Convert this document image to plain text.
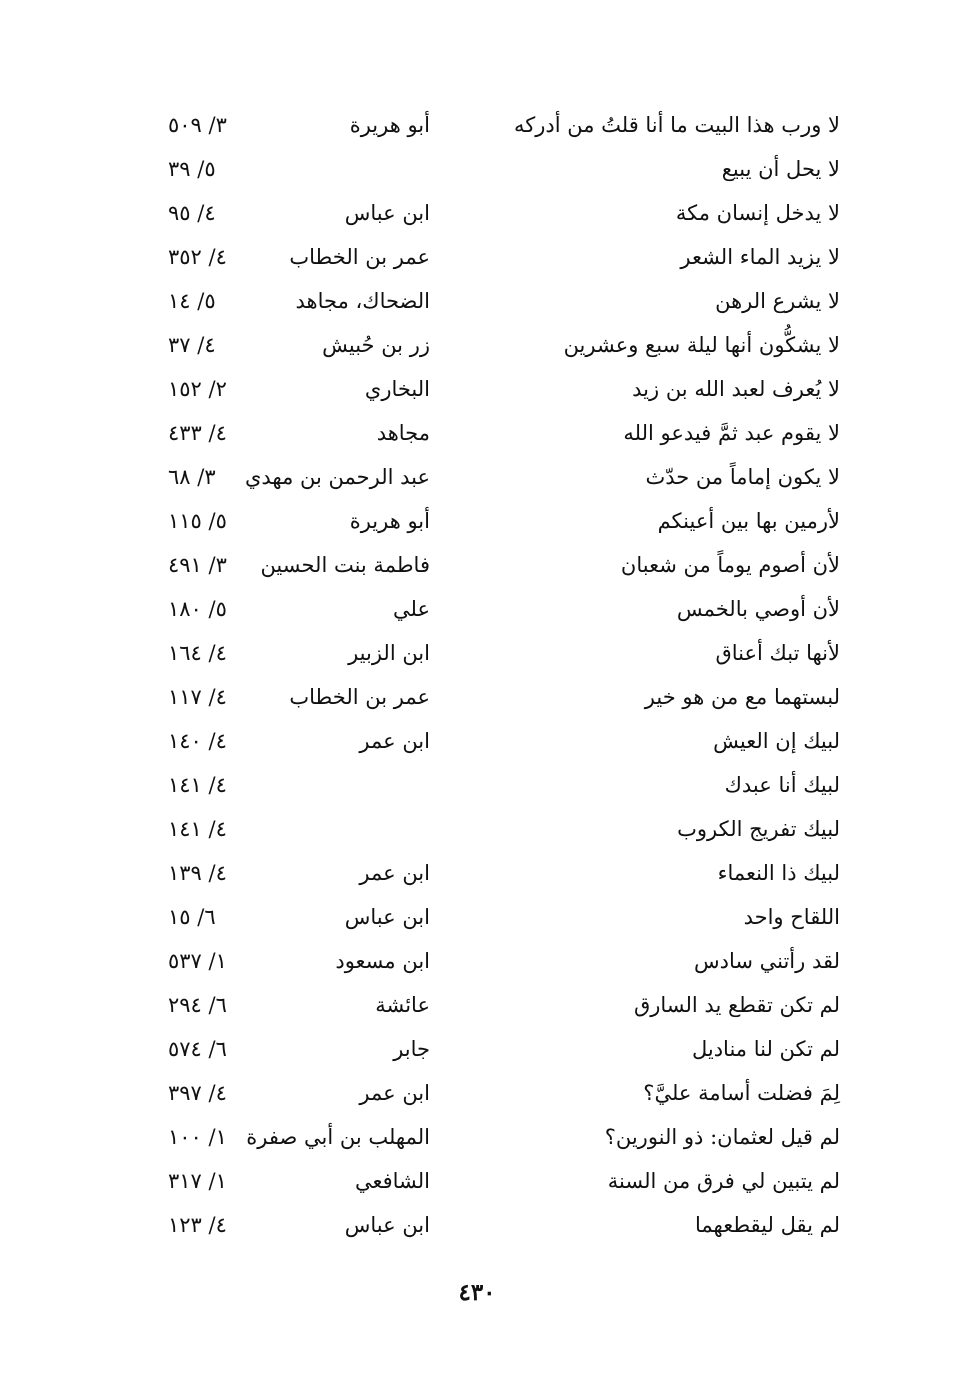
لا ورب هذا البيت ما أنا قلتُ من أدركه
أبو هريرة
٣/ ٥٠٩
لا يحل أن يبيع
٥/ ٣٩
لا يدخل إنسان مكة
ابن عباس
٤/ ٩٥
لا يزيد الماء الشعر
عمر بن الخطاب
٤/ ٣٥٢
لا يشرع الرهن
الضحاك، مجاهد
٥/ ١٤
لا يشكُّون أنها ليلة سبع وعشرين
زر بن حُبيش
٤/ ٣٧
لا يُعرف لعبد الله بن زيد
البخاري
٢/ ١٥٢
لا يقوم عبد ثمَّ فيدعو الله
مجاهد
٤/ ٤٣٣
لا يكون إماماً من حدّث
عبد الرحمن بن مهدي
٣/ ٦٨
لأرمين بها بين أعينكم
أبو هريرة
٥/ ١١٥
لأن أصوم يوماً من شعبان
فاطمة بنت الحسين
٣/ ٤٩١
لأن أوصي بالخمس
علي
٥/ ١٨٠
لأنها تبك أعناق
ابن الزبير
٤/ ١٦٤
لبستهما مع من هو خير
عمر بن الخطاب
٤/ ١١٧
لبيك إن العيش
ابن عمر
٤/ ١٤٠
لبيك أنا عبدك
٤/ ١٤١
لبيك تفريج الكروب
٤/ ١٤١
لبيك ذا النعماء
ابن عمر
٤/ ١٣٩
اللقاح واحد
ابن عباس
٦/ ١٥
لقد رأتني سادس
ابن مسعود
١/ ٥٣٧
لم تكن تقطع يد السارق
عائشة
٦/ ٢٩٤
لم تكن لنا مناديل
جابر
٦/ ٥٧٤
لِمَ فضلت أسامة عليَّ؟
ابن عمر
٤/ ٣٩٧
لم قيل لعثمان: ذو النورين؟
المهلب بن أبي صفرة
١/ ١٠٠
لم يتبين لي فرق من السنة
الشافعي
١/ ٣١٧
لم يقل ليقطعهما
ابن عباس
٤/ ١٢٣
٤٣٠
